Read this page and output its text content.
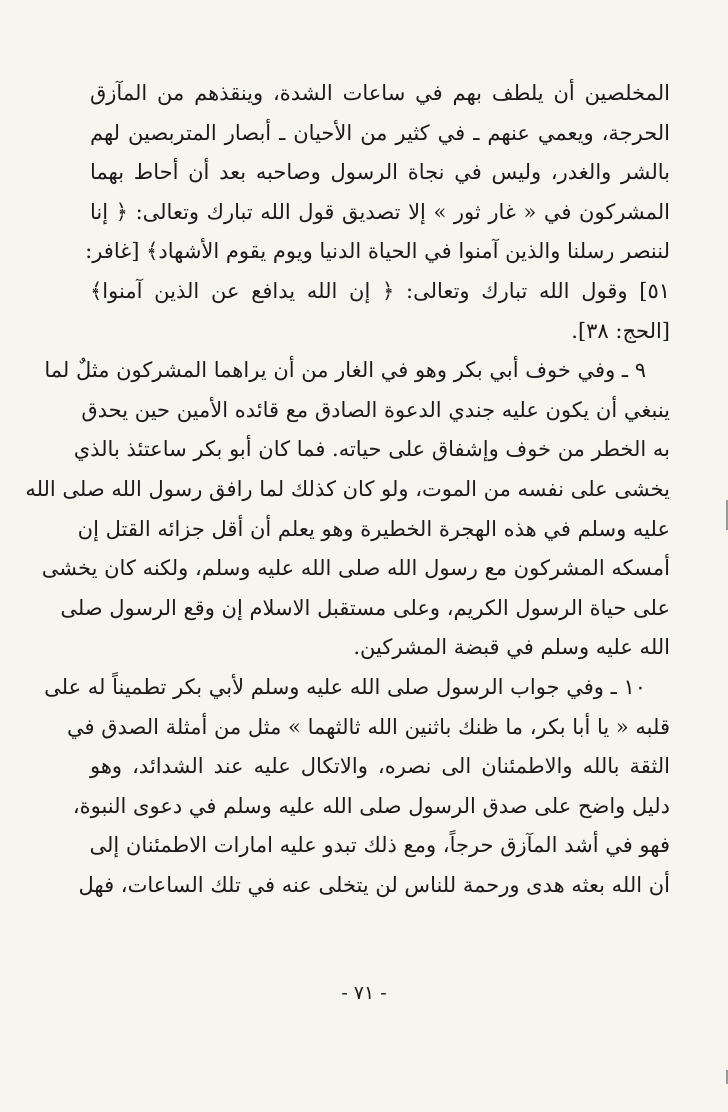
المخلصين أن يلطف بهم في ساعات الشدة، وينقذهم من المآزق
الحرجة، ويعمي عنهم ـ في كثير من الأحيان ـ أبصار المتربصين لهم
بالشر والغدر، وليس في نجاة الرسول وصاحبه بعد أن أحاط بهما
المشركون في « غار ثور » إلا تصديق قول الله تبارك وتعالى: ﴿ إنا
لننصر رسلنا والذين آمنوا في الحياة الدنيا ويوم يقوم الأشهاد﴾ [غافر:
٥١] وقول الله تبارك وتعالى: ﴿ إن الله يدافع عن الذين آمنوا﴾
[الحج: ٣٨].
٩ ـ وفي خوف أبي بكر وهو في الغار من أن يراهما المشركون مثلٌ لما
ينبغي أن يكون عليه جندي الدعوة الصادق مع قائده الأمين حين يحدق
به الخطر من خوف وإشفاق على حياته. فما كان أبو بكر ساعتئذ بالذي
يخشى على نفسه من الموت، ولو كان كذلك لما رافق رسول الله صلى الله
عليه وسلم في هذه الهجرة الخطيرة وهو يعلم أن أقل جزائه القتل إن
أمسكه المشركون مع رسول الله صلى الله عليه وسلم، ولكنه كان يخشى
على حياة الرسول الكريم، وعلى مستقبل الاسلام إن وقع الرسول صلى
الله عليه وسلم في قبضة المشركين.
١٠ ـ وفي جواب الرسول صلى الله عليه وسلم لأبي بكر تطميناً له على
قلبه « يا أبا بكر، ما ظنك باثنين الله ثالثهما » مثل من أمثلة الصدق في
الثقة بالله والاطمئنان الى نصره، والاتكال عليه عند الشدائد، وهو
دليل واضح على صدق الرسول صلى الله عليه وسلم في دعوى النبوة،
فهو في أشد المآزق حرجاً، ومع ذلك تبدو عليه امارات الاطمئنان إلى
أن الله بعثه هدى ورحمة للناس لن يتخلى عنه في تلك الساعات، فهل
- ٧١ -
